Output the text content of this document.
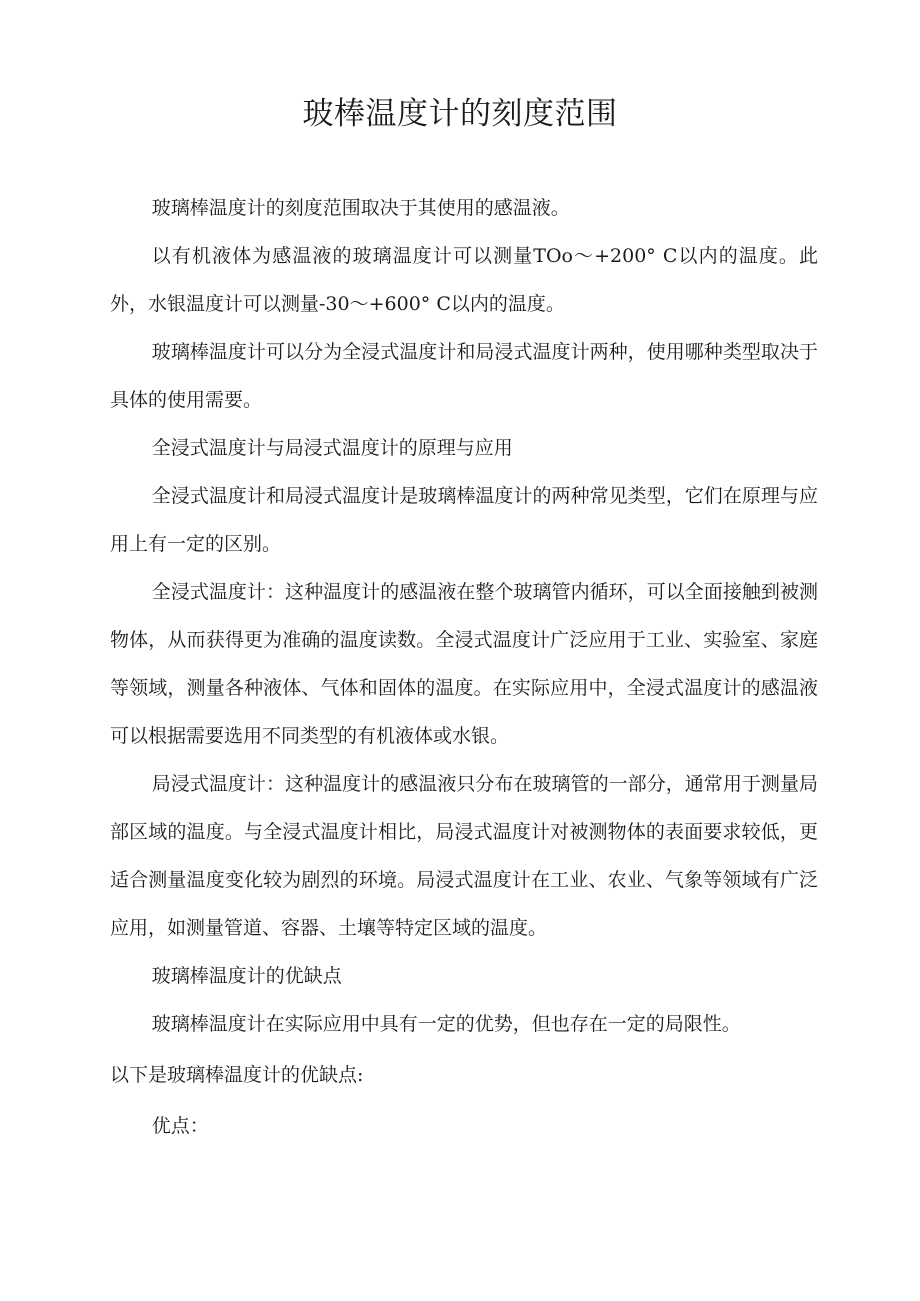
玻棒温度计的刻度范围

玻璃棒温度计的刻度范围取决于其使用的感温液。

以有机液体为感温液的玻璃温度计可以测量TOo～+200° C以内的温度。此外，水银温度计可以测量-30～+600° C以内的温度。

玻璃棒温度计可以分为全浸式温度计和局浸式温度计两种，使用哪种类型取决于具体的使用需要。

全浸式温度计与局浸式温度计的原理与应用

全浸式温度计和局浸式温度计是玻璃棒温度计的两种常见类型，它们在原理与应用上有一定的区别。

全浸式温度计：这种温度计的感温液在整个玻璃管内循环，可以全面接触到被测物体，从而获得更为准确的温度读数。全浸式温度计广泛应用于工业、实验室、家庭等领域，测量各种液体、气体和固体的温度。在实际应用中，全浸式温度计的感温液可以根据需要选用不同类型的有机液体或水银。

局浸式温度计：这种温度计的感温液只分布在玻璃管的一部分，通常用于测量局部区域的温度。与全浸式温度计相比，局浸式温度计对被测物体的表面要求较低，更适合测量温度变化较为剧烈的环境。局浸式温度计在工业、农业、气象等领域有广泛应用，如测量管道、容器、土壤等特定区域的温度。

玻璃棒温度计的优缺点

玻璃棒温度计在实际应用中具有一定的优势，但也存在一定的局限性。

以下是玻璃棒温度计的优缺点:

优点：
